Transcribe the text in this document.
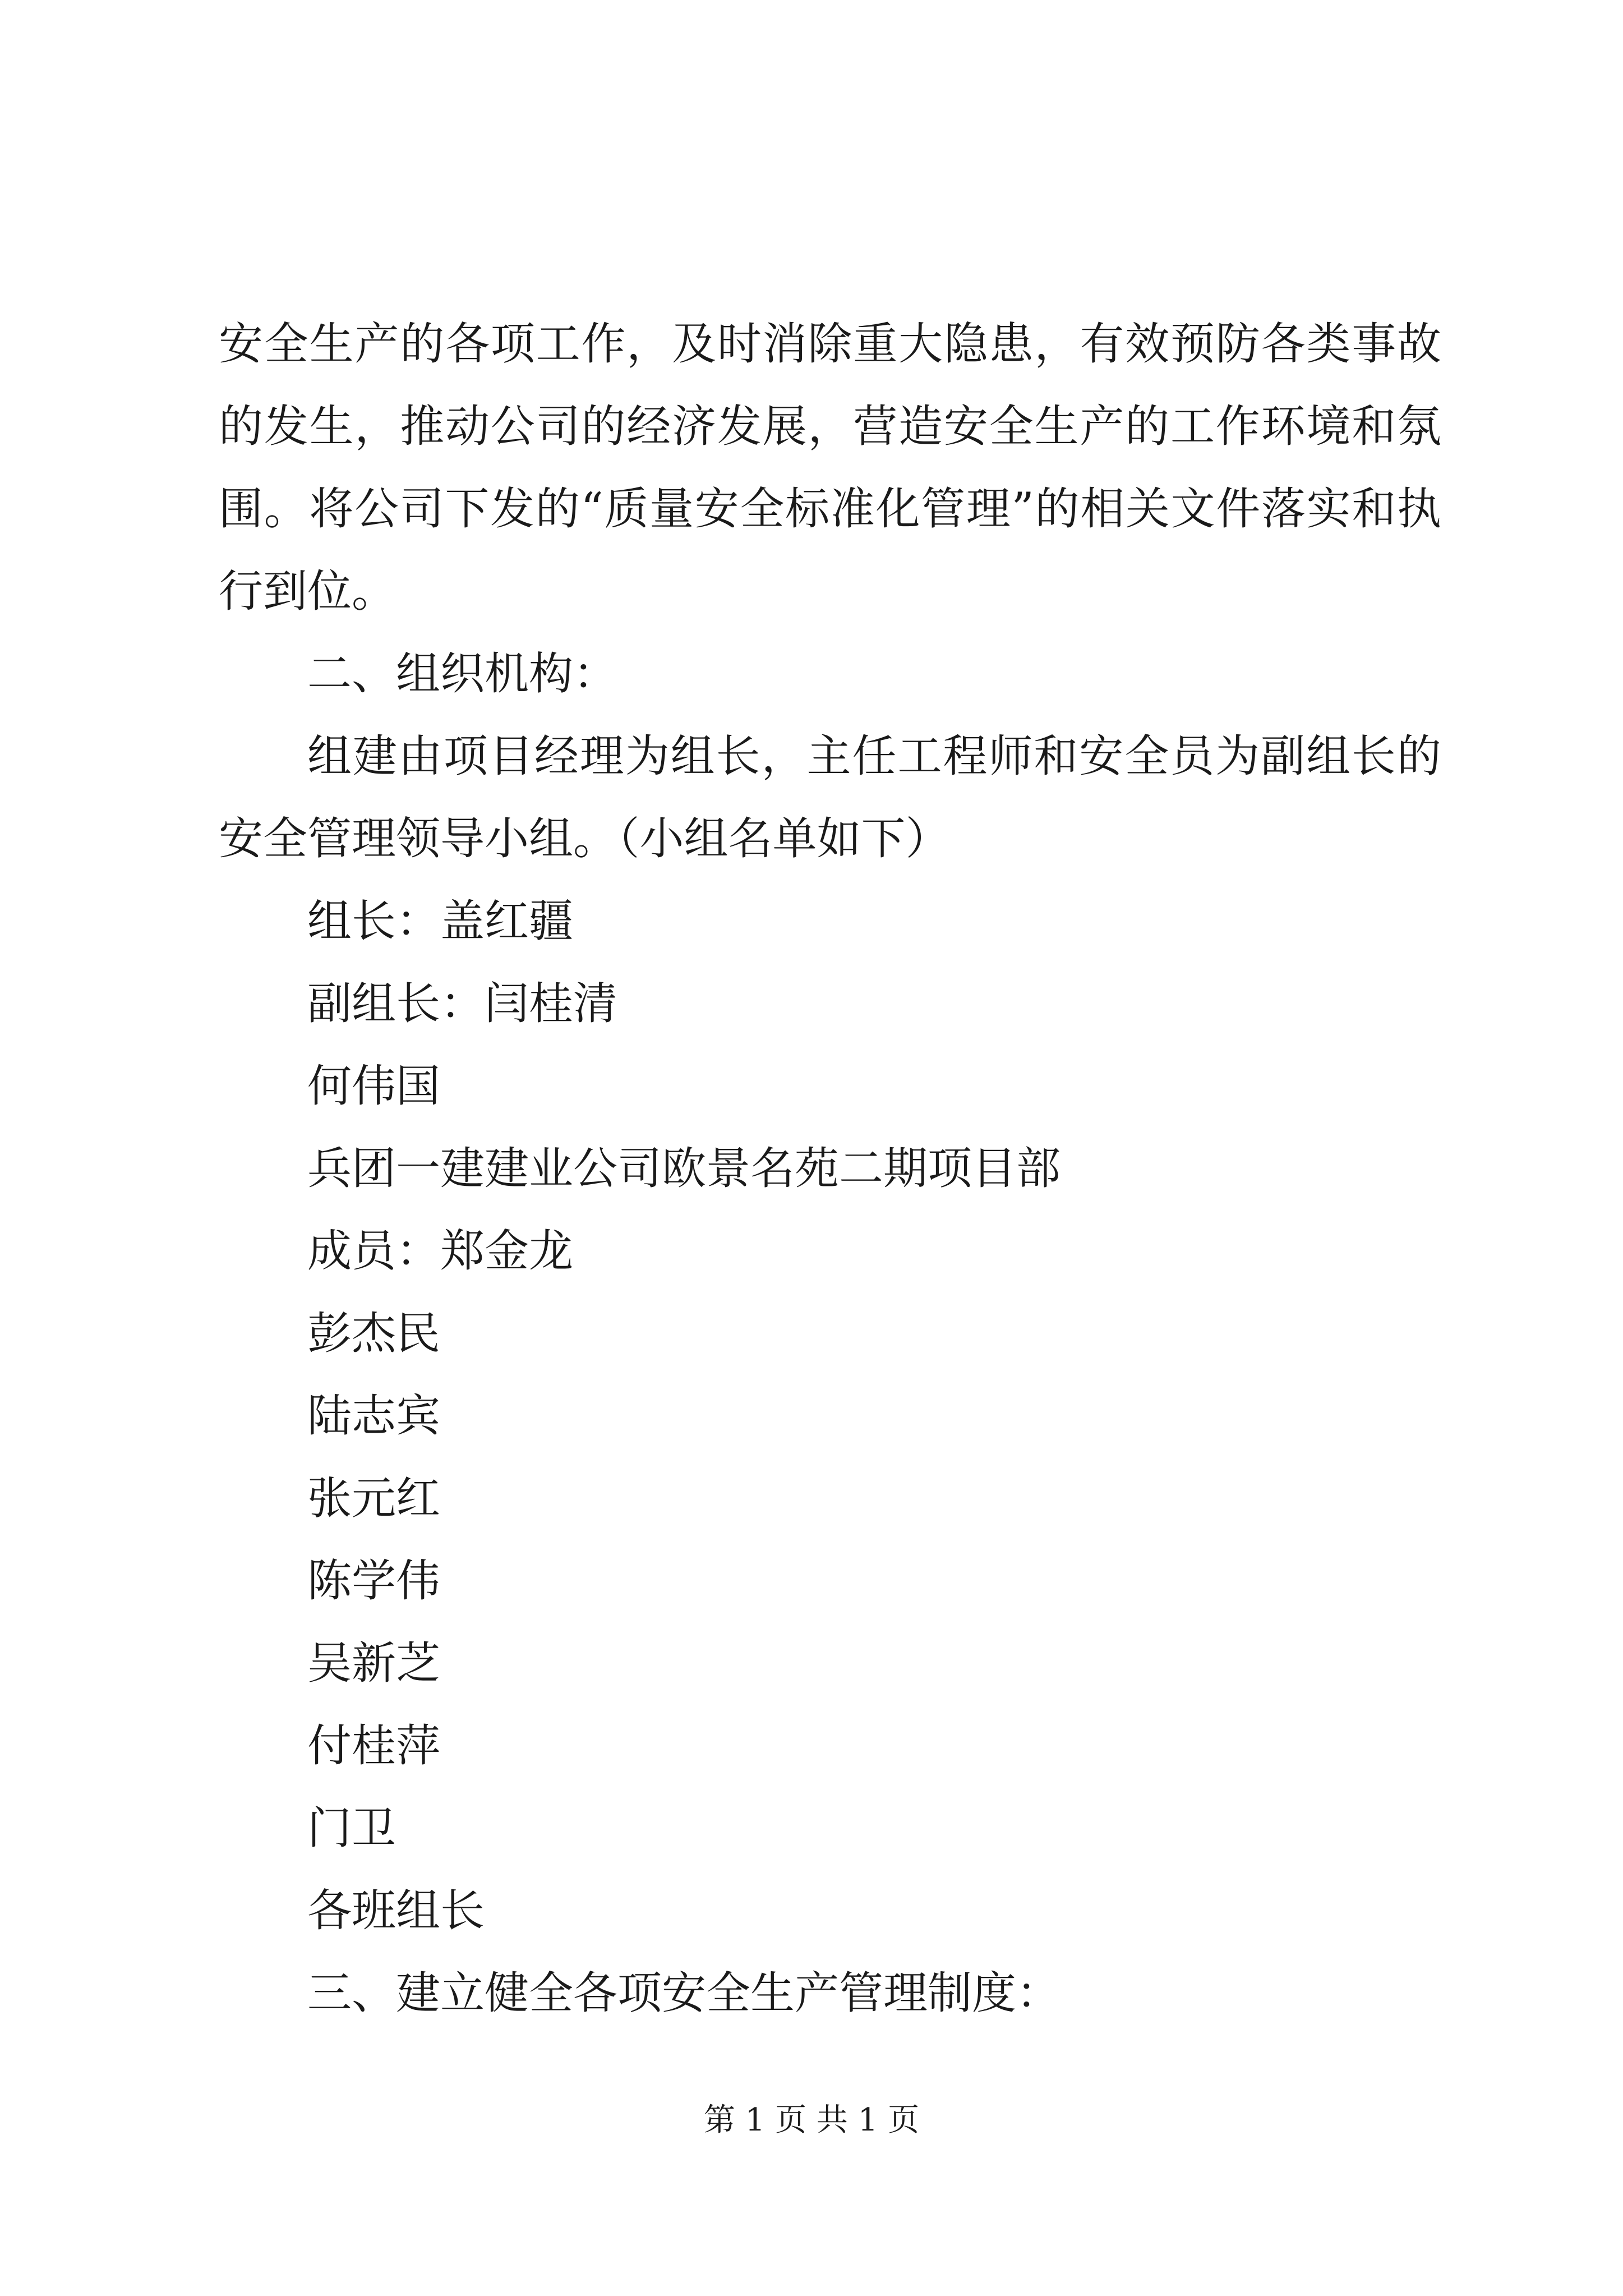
安全生产的各项工作，及时消除重大隐患，有效预防各类事故的发生，推动公司的经济发展，营造安全生产的工作环境和氛围。将公司下发的“质量安全标准化管理”的相关文件落实和执行到位。

二、组织机构：

组建由项目经理为组长，主任工程师和安全员为副组长的安全管理领导小组。（小组名单如下）

组长：盖红疆

副组长：闫桂清

何伟国

兵团一建建业公司欧景名苑二期项目部

成员：郑金龙

彭杰民

陆志宾

张元红

陈学伟

吴新芝

付桂萍

门卫

各班组长

三、建立健全各项安全生产管理制度：

第 1 页 共 1 页
